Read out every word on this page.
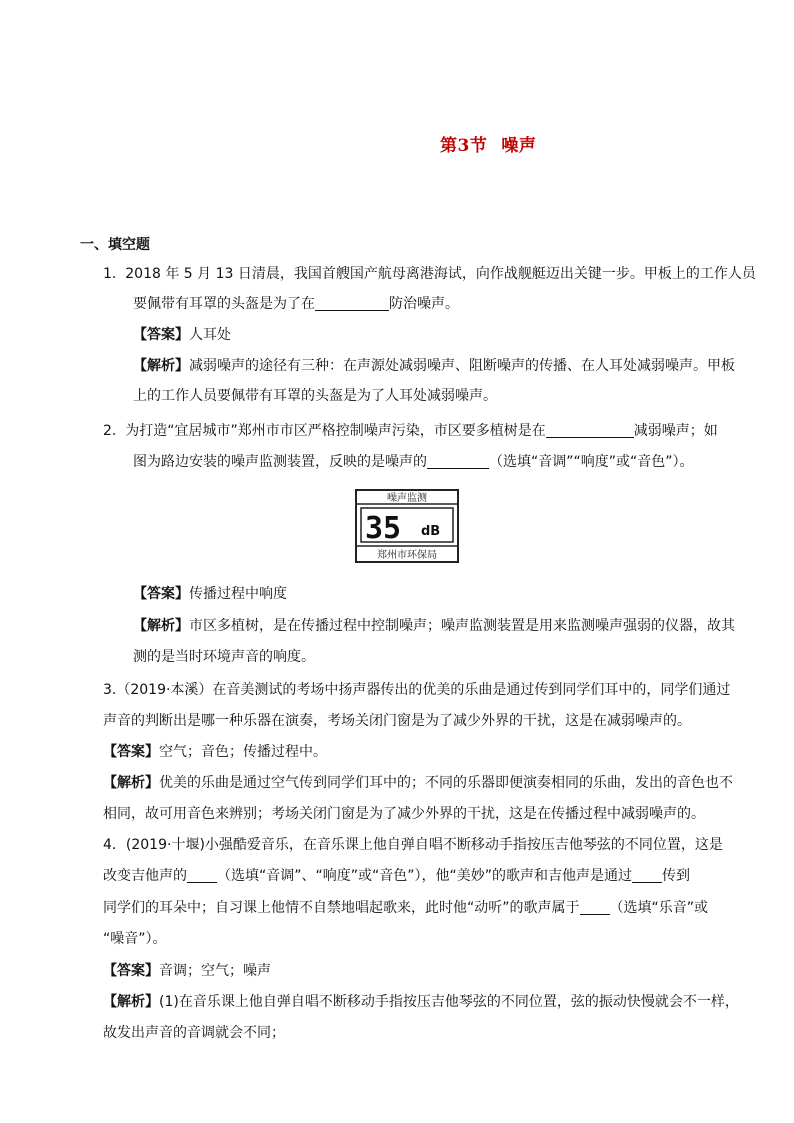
第3节 噪声
一、填空题
1. 2018 年 5 月 13 日清晨，我国首艘国产航母离港海试，向作战舰艇迈出关键一步。甲板上的工作人员
要佩带有耳罩的头盔是为了在	防治噪声。
【答案】人耳处
【解析】减弱噪声的途径有三种：在声源处减弱噪声、阻断噪声的传播、在人耳处减弱噪声。甲板
上的工作人员要佩带有耳罩的头盔是为了人耳处减弱噪声。
2. 为打造“宜居城市”郑州市市区严格控制噪声污染，市区要多植树是在	减弱噪声；如
图为路边安装的噪声监测装置，反映的是噪声的	（选填“音调”“响度”或“音色”）。
噪声监测
35 dB
郑州市环保局
【答案】传播过程中响度
【解析】市区多植树，是在传播过程中控制噪声；噪声监测装置是用来监测噪声强弱的仪器，故其
测的是当时环境声音的响度。
3.（2019·本溪）在音美测试的考场中扬声器传出的优美的乐曲是通过传到同学们耳中的，同学们通过
声音的判断出是哪一种乐器在演奏，考场关闭门窗是为了减少外界的干扰，这是在减弱噪声的。
【答案】空气；音色；传播过程中。
【解析】优美的乐曲是通过空气传到同学们耳中的；不同的乐器即便演奏相同的乐曲，发出的音色也不
相同，故可用音色来辨别；考场关闭门窗是为了减少外界的干扰，这是在传播过程中减弱噪声的。
4．(2019·十堰)小强酷爱音乐，在音乐课上他自弹自唱不断移动手指按压吉他琴弦的不同位置，这是
改变吉他声的 （选填“音调”、“响度”或“音色”），他“美妙”的歌声和吉他声是通过 传到
同学们的耳朵中；自习课上他情不自禁地唱起歌来，此时他“动听”的歌声属于 （选填“乐音”或
“噪音”）。
【答案】音调；空气；噪声
【解析】(1)在音乐课上他自弹自唱不断移动手指按压吉他琴弦的不同位置，弦的振动快慢就会不一样，
故发出声音的音调就会不同；
